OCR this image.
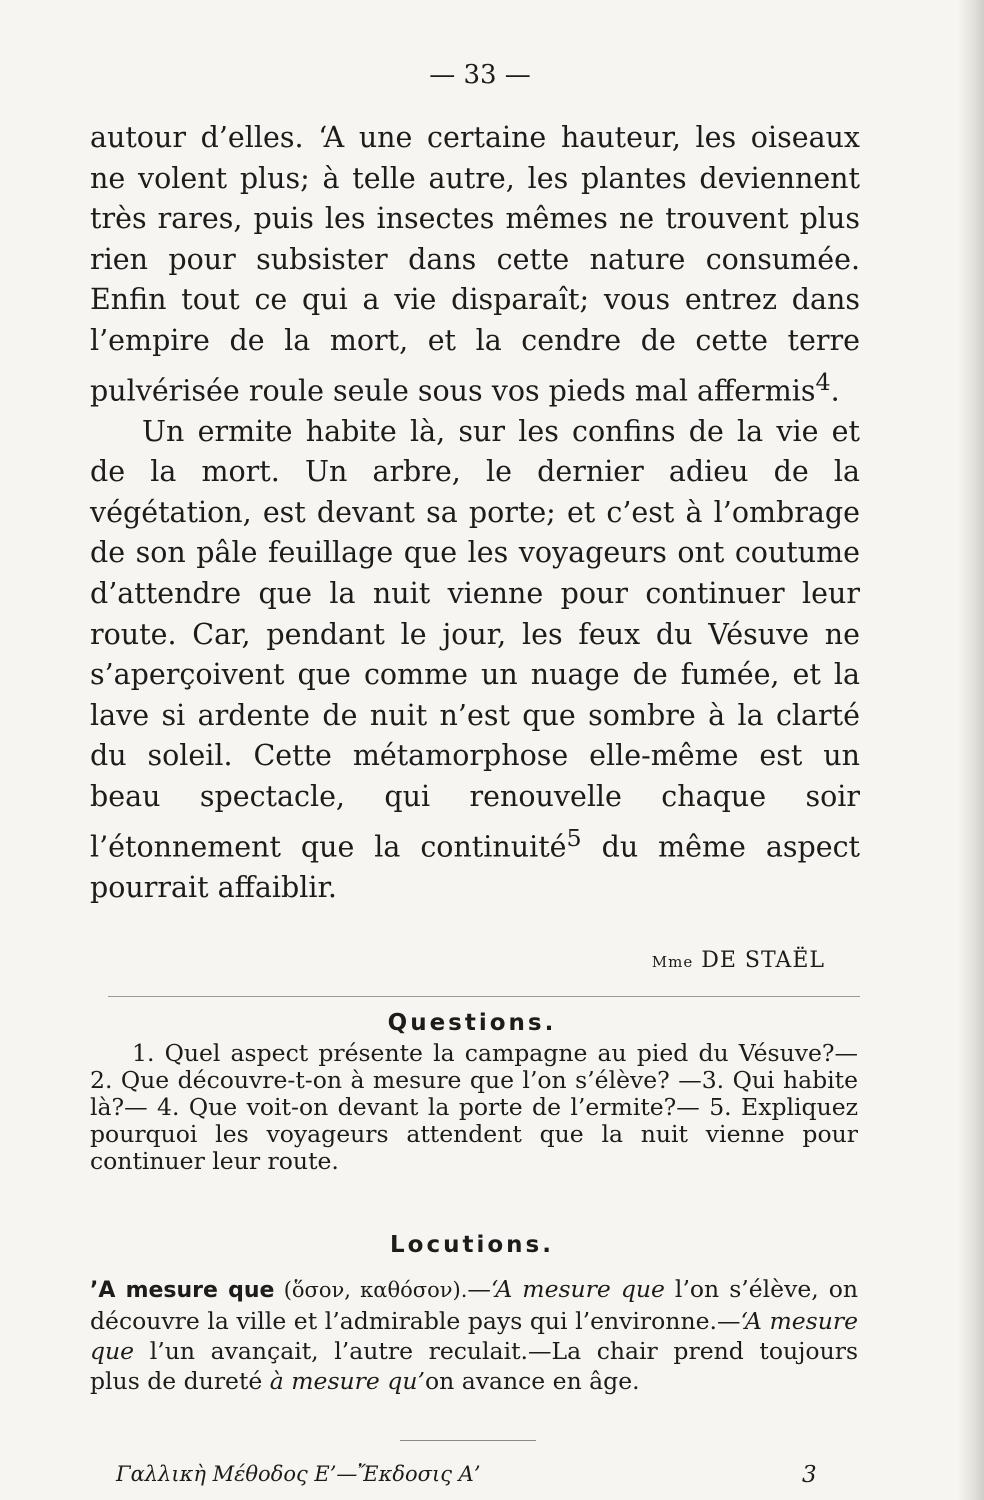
— 33 —

autour d’elles. ‘A une certaine hauteur, les oiseaux ne volent plus; à telle autre, les plantes deviennent très rares, puis les insectes mêmes ne trouvent plus rien pour subsister dans cette nature consumée. Enfin tout ce qui a vie disparaît; vous entrez dans l’empire de la mort, et la cendre de cette terre pulvérisée roule seule sous vos pieds mal affermis$^4$.

Un ermite habite là, sur les confins de la vie et de la mort. Un arbre, le dernier adieu de la végétation, est devant sa porte; et c’est à l’ombrage de son pâle feuillage que les voyageurs ont coutume d’attendre que la nuit vienne pour continuer leur route. Car, pendant le jour, les feux du Vésuve ne s’aperçoivent que comme un nuage de fumée, et la lave si ardente de nuit n’est que sombre à la clarté du soleil. Cette métamorphose elle-même est un beau spectacle, qui renouvelle chaque soir l’étonnement que la continuité$^5$ du même aspect pourrait affaiblir.

Mme DE STAËL
Questions.

1. Quel aspect présente la campagne au pied du Vésuve?— 2. Que découvre-t-on à mesure que l’on s’élève? —3. Qui habite là?— 4. Que voit-on devant la porte de l’ermite?— 5. Expliquez pourquoi les voyageurs attendent que la nuit vienne pour continuer leur route.

Locutions.

’A mesure que (ὅσον, καθόσον).—‘A mesure que l’on s’élève, on découvre la ville et l’admirable pays qui l’environne.—‘A mesure que l’un avançait, l’autre reculait.—La chair prend toujours plus de dureté à mesure qu’on avance en âge.

Γαλλικὴ Μέθοδος Ε’—Ἔκδοσις Α’	3
